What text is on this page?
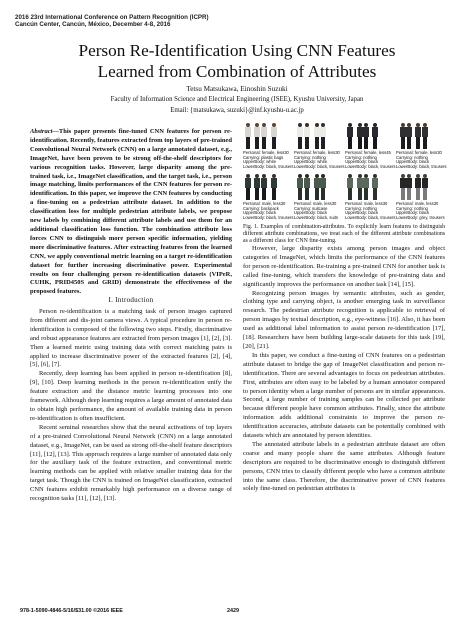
2016 23rd International Conference on Pattern Recognition (ICPR)
Cancún Center, Cancún, México, December 4-8, 2016
Person Re-Identification Using CNN Features
Learned from Combination of Attributes
Tetsu Matsukawa, Einoshin Suzuki
Faculty of Information Science and Electrical Engineering (ISEE), Kyushu University, Japan
Email: {matsukawa, suzuki}@inf.kyushu-u.ac.jp
Abstract—This paper presents fine-tuned CNN features for person re-identification. Recently, features extracted from top layers of pre-trained Convolutional Neural Network (CNN) on a large annotated dataset, e.g., ImageNet, have been proven to be strong off-the-shelf descriptors for various recognition tasks. However, large disparity among the pre-trained task, i.e., ImageNet classification, and the target task, i.e., person image matching, limits performances of the CNN features for person re-identification. In this paper, we improve the CNN features by conducting a fine-tuning on a pedestrian attribute dataset. In addition to the classification loss for multiple pedestrian attribute labels, we propose new labels by combining different attribute labels and use them for an additional classification loss function. The combination attribute loss forces CNN to distinguish more person specific information, yielding more discriminative features. After extracting features from the learned CNN, we apply conventional metric learning on a target re-identification dataset for further increasing discriminative power. Experimental results on four challenging person re-identification datasets (VIPeR, CUHK, PRID450S and GRID) demonstrate the effectiveness of the proposed features.
I. Introduction

Person re-identification is a matching task of person images captured from different and dis-joint camera views. A typical procedure in person re-identification is composed of the following two steps. Firstly, discriminative and robust appearance features are extracted from person images [1], [2], [3]. Then a learned metric using training data with correct matching pairs is applied to increase discriminative power of the extracted features [2], [4], [5], [6], [7].

Recently, deep learning has been applied in person re-identification [8], [9], [10]. Deep learning methods in the person re-identification unify the feature extraction and the distance metric learning processes into one framework. Although deep learning requires a large amount of annotated data to obtain high performance, the amount of available training data in person re-identification is often insufficient.

Recent seminal researches show that the neural activations of top layers of a pre-trained Convolutional Neural Network (CNN) on a large annotated dataset, e.g., ImageNet, can be used as strong off-the-shelf feature descriptors [11], [12], [13]. This approach requires a large number of annotated data only for the auxiliary task of the feature extraction, and conventional metric learning methods can be applied with relative smaller training data for the target task. Though the CNN is trained on ImageNet classification, extracted CNN features exhibit remarkably high performance on a diverse range of recognition tasks [11], [12], [13].

Personal: female, less30
Carrying: plastic bags
UpperBody: white
LowerBody: black, trousers
Personal: female, less30
Carrying: nothing
UpperBody: white
LowerBody: black, trousers
Personal: female, less45
Carrying: nothing
UpperBody: black
LowerBody: black, trousers
Personal: female, less30
Carrying: nothing
UpperBody: black
LowerBody: black, trousers
Personal: male, less30
Carrying: backpack
UpperBody: black
LowerBody: black, trousers
Personal: male, less30
Carrying: suitcase
UpperBody: black
LowerBody: black, suits
Personal: male, less30
Carrying: nothing
UpperBody: black
LowerBody: black, trousers
Personal: male, less30
Carrying: nothing
UpperBody: black
LowerBody: grey, trousers
Fig. 1. Examples of combination-attributes. To explicitly learn features to distinguish different attribute combinations, we treat each of the different attribute combinations as a different class for CNN fine-tuning.

However, large disparity exists among person images and object categories of ImageNet, which limits the performance of the CNN features for person re-identification. Re-training a pre-trained CNN for another task is called fine-tuning, which transfers the knowledge of pre-training data and significantly improves the performance on another task [14], [15].

Recognizing person images by semantic attributes, such as gender, clothing type and carrying object, is another emerging task in surveillance research. The pedestrian attribute recognition is applicable to retrieval of person images by textual description, e.g., eye-witness [16]. Also, it has been used as additional label information to assist person re-identification [17], [18]. Researchers have been building large-scale datasets for this task [19], [20], [21].

In this paper, we conduct a fine-tuning of CNN features on a pedestrian attribute dataset to bridge the gap of ImageNet classification and person re-identification. There are several advantages to focus on pedestrian attributes. First, attributes are often easy to be labeled by a human annotator compared to person identity when a large number of persons are in similar appearances. Second, a large number of training samples can be collected per attribute because different people have common attributes. Finally, since the attribute information adds additional constraints to improve the person re-identification accuracies, attribute datasets can be potentially combined with datasets which are annotated by person identities.

The annotated attribute labels in a pedestrian attribute dataset are often coarse and many people share the same attributes. Although feature descriptors are required to be discriminative enough to distinguish different persons, CNN tries to classify different people who have a common attribute into the same class. Therefore, the discriminative power of CNN features solely fine-tuned on pedestrian attributes is

978-1-5090-4846-5/16/$31.00 ©2016 IEEE	2429
